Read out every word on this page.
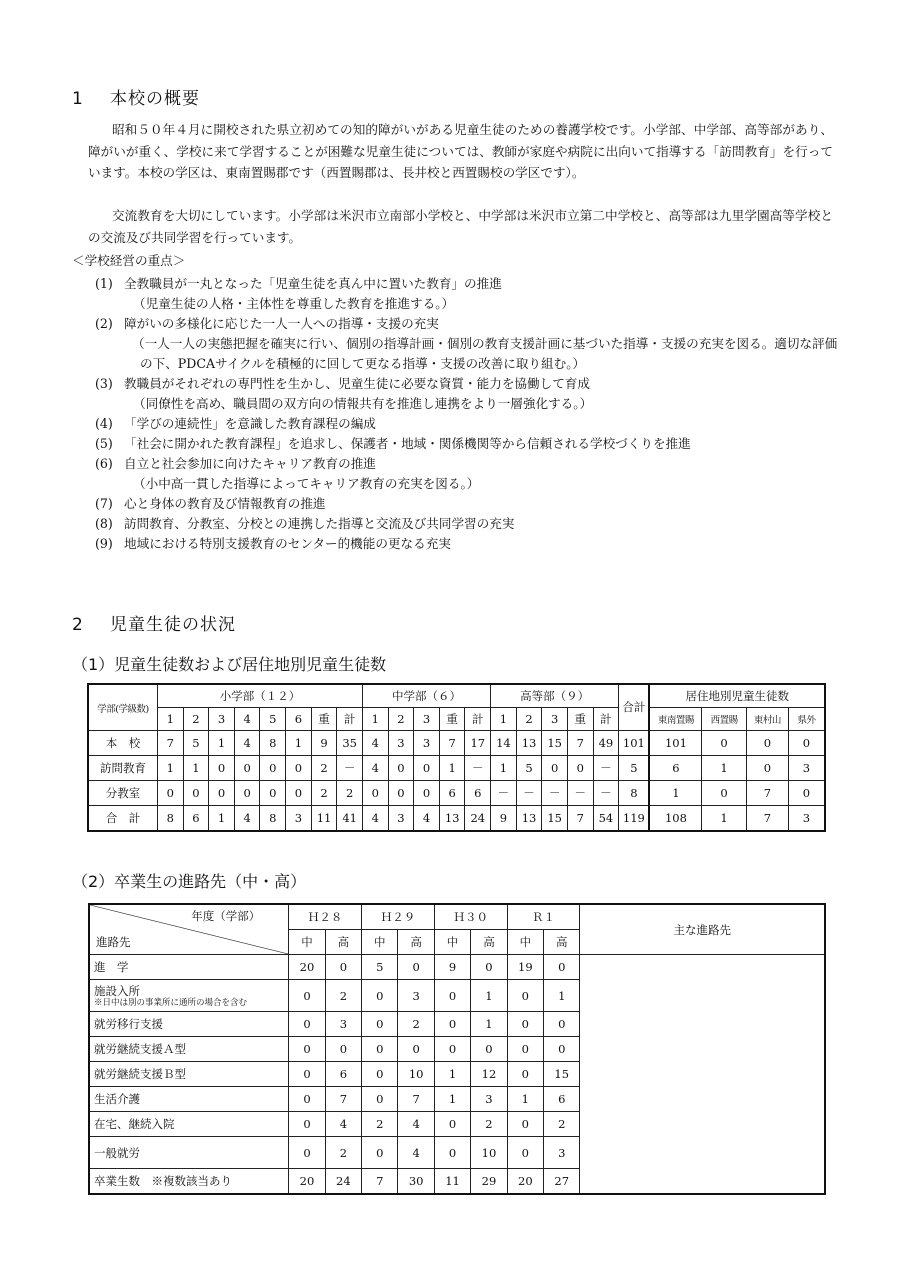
1 本校の概要

昭和５０年４月に開校された県立初めての知的障がいがある児童生徒のための養護学校です。小学部、中学部、高等部があり、障がいが重く、学校に来て学習することが困難な児童生徒については、教師が家庭や病院に出向いて指導する「訪問教育」を行っています。本校の学区は、東南置賜郡です（西置賜郡は、長井校と西置賜校の学区です）。

交流教育を大切にしています。小学部は米沢市立南部小学校と、中学部は米沢市立第二中学校と、高等部は九里学園高等学校との交流及び共同学習を行っています。

＜学校経営の重点＞
(1) 全教職員が一丸となった「児童生徒を真ん中に置いた教育」の推進
（児童生徒の人格・主体性を尊重した教育を推進する。）
(2) 障がいの多様化に応じた一人一人への指導・支援の充実
（一人一人の実態把握を確実に行い、個別の指導計画・個別の教育支援計画に基づいた指導・支援の充実を図る。適切な評価の下、PDCAサイクルを積極的に回して更なる指導・支援の改善に取り組む。）
(3) 教職員がそれぞれの専門性を生かし、児童生徒に必要な資質・能力を協働して育成
（同僚性を高め、職員間の双方向の情報共有を推進し連携をより一層強化する。）
(4) 「学びの連続性」を意識した教育課程の編成
(5) 「社会に開かれた教育課程」を追求し、保護者・地域・関係機関等から信頼される学校づくりを推進
(6) 自立と社会参加に向けたキャリア教育の推進
（小中高一貫した指導によってキャリア教育の充実を図る。）
(7) 心と身体の教育及び情報教育の推進
(8) 訪問教育、分教室、分校との連携した指導と交流及び共同学習の充実
(9) 地域における特別支援教育のセンター的機能の更なる充実
2 児童生徒の状況
（1）児童生徒数および居住地別児童生徒数
学部(学級数)	小学部（１２）								中学部（６）					高等部（９）					合計	居住地別児童生徒数			
	1	2	3	4	5	6	重	計	1	2	3	重	計	1	2	3	重	計		東南置賜	西置賜	東村山	県外
本　校	7	5	1	4	8	1	9	35	4	3	3	7	17	14	13	15	7	49	101	101	0	0	0
訪問教育	1	1	0	0	0	0	2	－	4	0	0	1	－	1	5	0	0	－	5	6	1	0	3
分教室	0	0	0	0	0	0	2	2	0	0	0	6	6	－	－	－	－	－	8	1	0	7	0
合　計	8	6	1	4	8	3	11	41	4	3	4	13	24	9	13	15	7	54	119	108	1	7	3
（2）卒業生の進路先（中・高）
年度（学部）
進路先	Ｈ２８		Ｈ２９		Ｈ３０		Ｒ１		主な進路先
	中	高	中	高	中	高	中	高	
進　学	20	0	5	0	9	0	19	0	
施設入所
※日中は別の事業所に通所の場合を含む	0	2	0	3	0	1	0	1	
就労移行支援	0	3	0	2	0	1	0	0	
就労継続支援Ａ型	0	0	0	0	0	0	0	0	
就労継続支援Ｂ型	0	6	0	10	1	12	0	15	
生活介護	0	7	0	7	1	3	1	6	
在宅、継続入院	0	4	2	4	0	2	0	2	
一般就労	0	2	0	4	0	10	0	3	
卒業生数　※複数該当あり	20	24	7	30	11	29	20	27	
